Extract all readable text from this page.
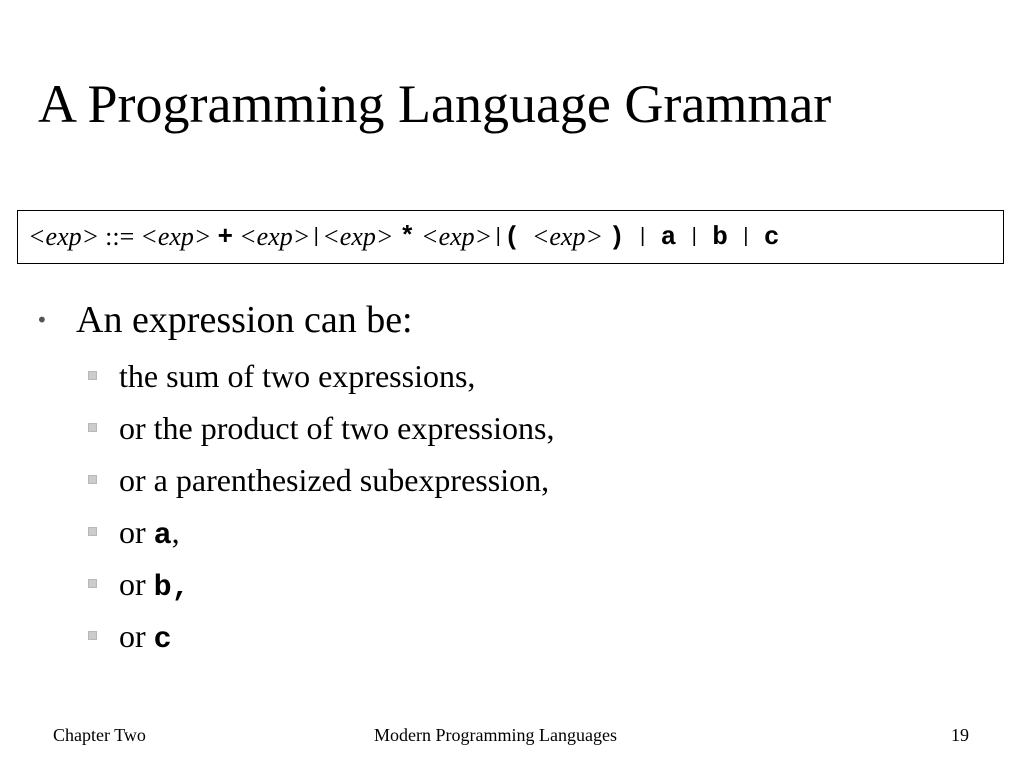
A Programming Language Grammar
<exp> ::= <exp> + <exp> | <exp> * <exp> | ( <exp> ) | a | b | c
• An expression can be:
the sum of two expressions,
or the product of two expressions,
or a parenthesized subexpression,
or a,
or b,
or c
Chapter Two	Modern Programming Languages	19
